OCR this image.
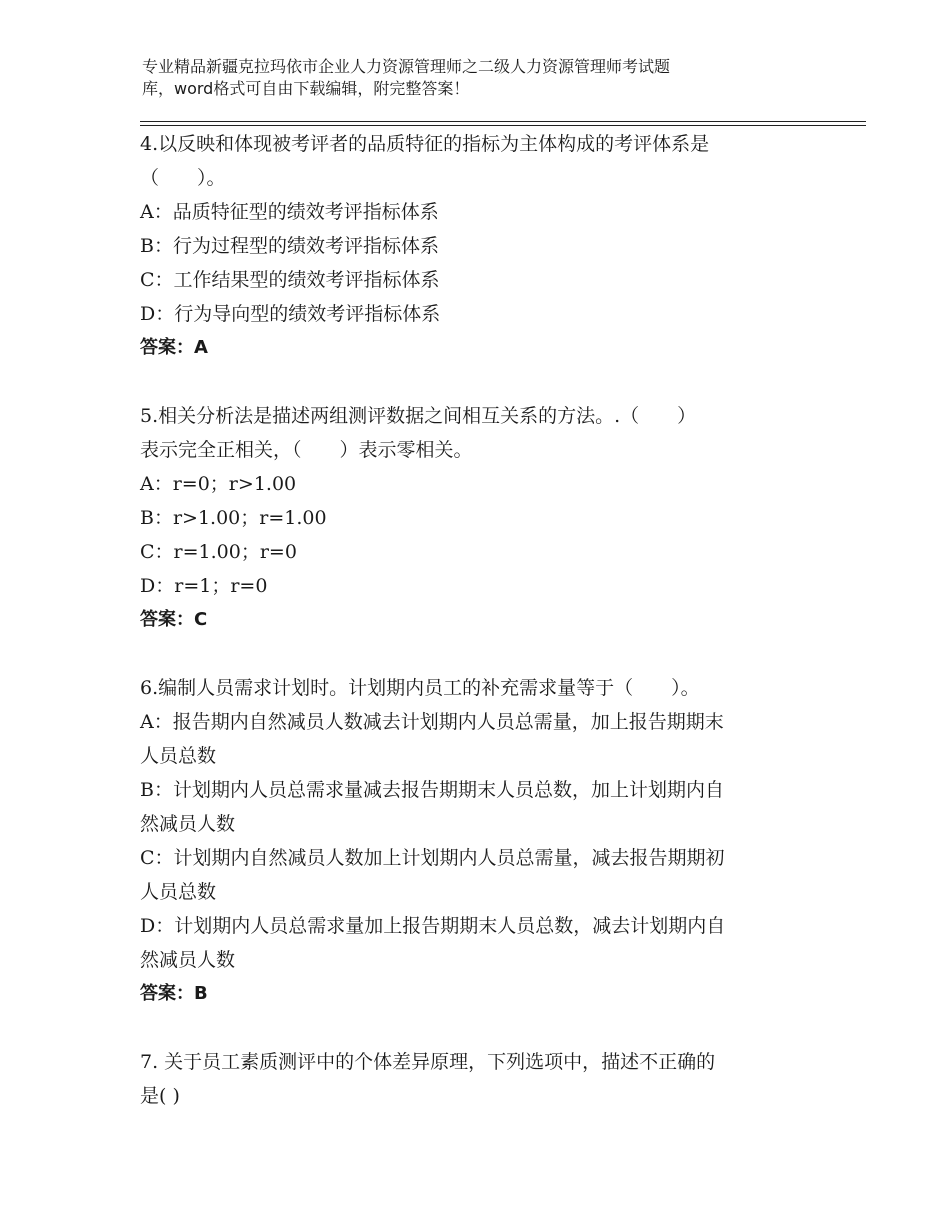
专业精品新疆克拉玛依市企业人力资源管理师之二级人力资源管理师考试题
库，word格式可自由下载编辑，附完整答案！
4.以反映和体现被考评者的品质特征的指标为主体构成的考评体系是
（　　）。
A：品质特征型的绩效考评指标体系
B：行为过程型的绩效考评指标体系
C：工作结果型的绩效考评指标体系
D：行为导向型的绩效考评指标体系
答案：A
5.相关分析法是描述两组测评数据之间相互关系的方法。.（　　）
表示完全正相关，（　　）表示零相关。
A：r=0；r>1.00
B：r>1.00；r=1.00
C：r=1.00；r=0
D：r=1；r=0
答案：C
6.编制人员需求计划时。计划期内员工的补充需求量等于（　　）。
A：报告期内自然减员人数减去计划期内人员总需量，加上报告期期末
人员总数
B：计划期内人员总需求量减去报告期期末人员总数，加上计划期内自
然减员人数
C：计划期内自然减员人数加上计划期内人员总需量，减去报告期期初
人员总数
D：计划期内人员总需求量加上报告期期末人员总数，减去计划期内自
然减员人数
答案：B
7. 关于员工素质测评中的个体差异原理，下列选项中，描述不正确的
是( )
